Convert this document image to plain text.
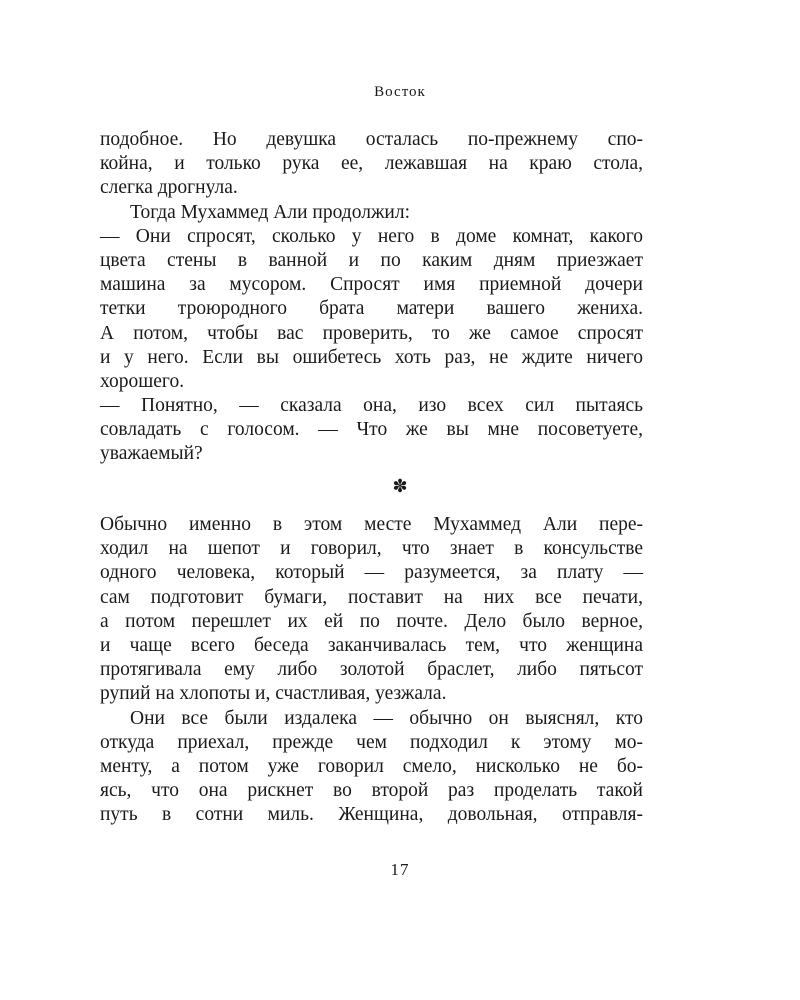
Восток
подобное. Но девушка осталась по-прежнему спо-
койна, и только рука ее, лежавшая на краю стола,
слегка дрогнула.
Тогда Мухаммед Али продолжил:
— Они спросят, сколько у него в доме комнат, какого
цвета стены в ванной и по каким дням приезжает
машина за мусором. Спросят имя приемной дочери
тетки троюродного брата матери вашего жениха.
А потом, чтобы вас проверить, то же самое спросят
и у него. Если вы ошибетесь хоть раз, не ждите ничего
хорошего.
— Понятно, — сказала она, изо всех сил пытаясь
совладать с голосом. — Что же вы мне посоветуете,
уважаемый?
✽
Обычно именно в этом месте Мухаммед Али пере-
ходил на шепот и говорил, что знает в консульстве
одного человека, который — разумеется, за плату —
сам подготовит бумаги, поставит на них все печати,
а потом перешлет их ей по почте. Дело было верное,
и чаще всего беседа заканчивалась тем, что женщина
протягивала ему либо золотой браслет, либо пятьсот
рупий на хлопоты и, счастливая, уезжала.
Они все были издалека — обычно он выяснял, кто
откуда приехал, прежде чем подходил к этому мо-
менту, а потом уже говорил смело, нисколько не бо-
ясь, что она рискнет во второй раз проделать такой
путь в сотни миль. Женщина, довольная, отправля-
17
